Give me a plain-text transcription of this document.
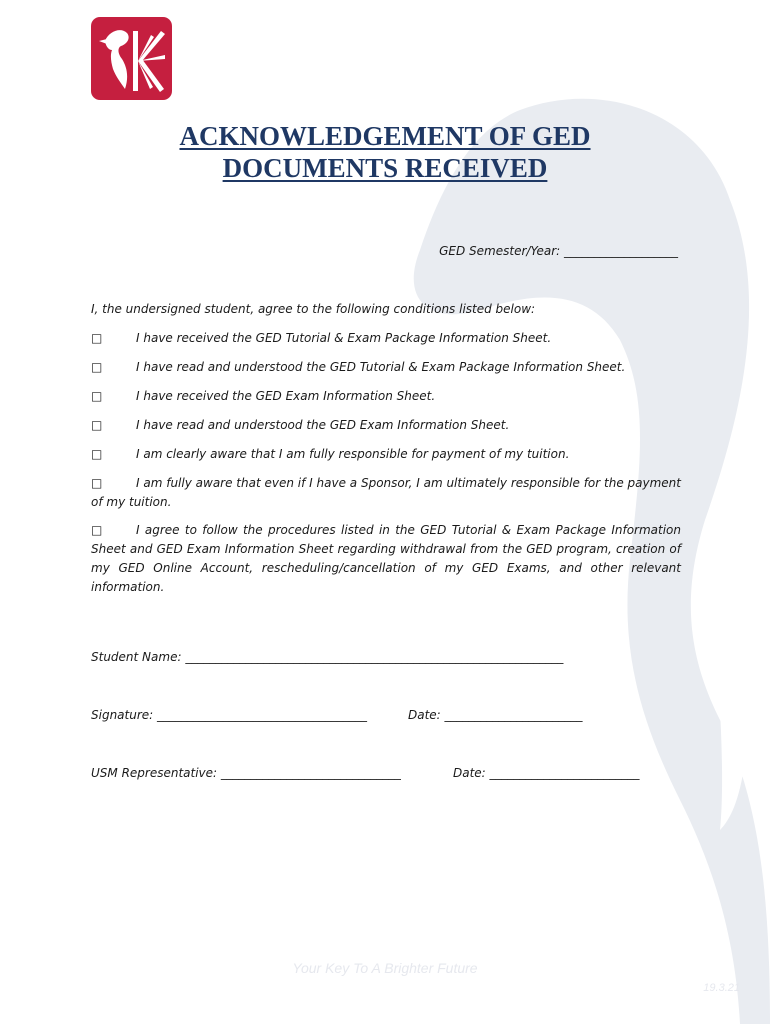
ACKNOWLEDGEMENT OF GED
DOCUMENTS RECEIVED
GED Semester/Year: ___________________
I, the undersigned student, agree to the following conditions listed below:
□	I have received the GED Tutorial & Exam Package Information Sheet.
□	I have read and understood the GED Tutorial & Exam Package Information Sheet.
□	I have received the GED Exam Information Sheet.
□	I have read and understood the GED Exam Information Sheet.
□	I am clearly aware that I am fully responsible for payment of my tuition.
□	I am fully aware that even if I have a Sponsor, I am ultimately responsible for the payment of my tuition.
□	I agree to follow the procedures listed in the GED Tutorial & Exam Package Information Sheet and GED Exam Information Sheet regarding withdrawal from the GED program, creation of my GED Online Account, rescheduling/cancellation of my GED Exams, and other relevant information.
Student Name: _______________________________________________________________
Signature: ___________________________________	Date: _______________________
USM Representative: ______________________________	Date: _________________________
Your Key To A Brighter Future
19.3.21
